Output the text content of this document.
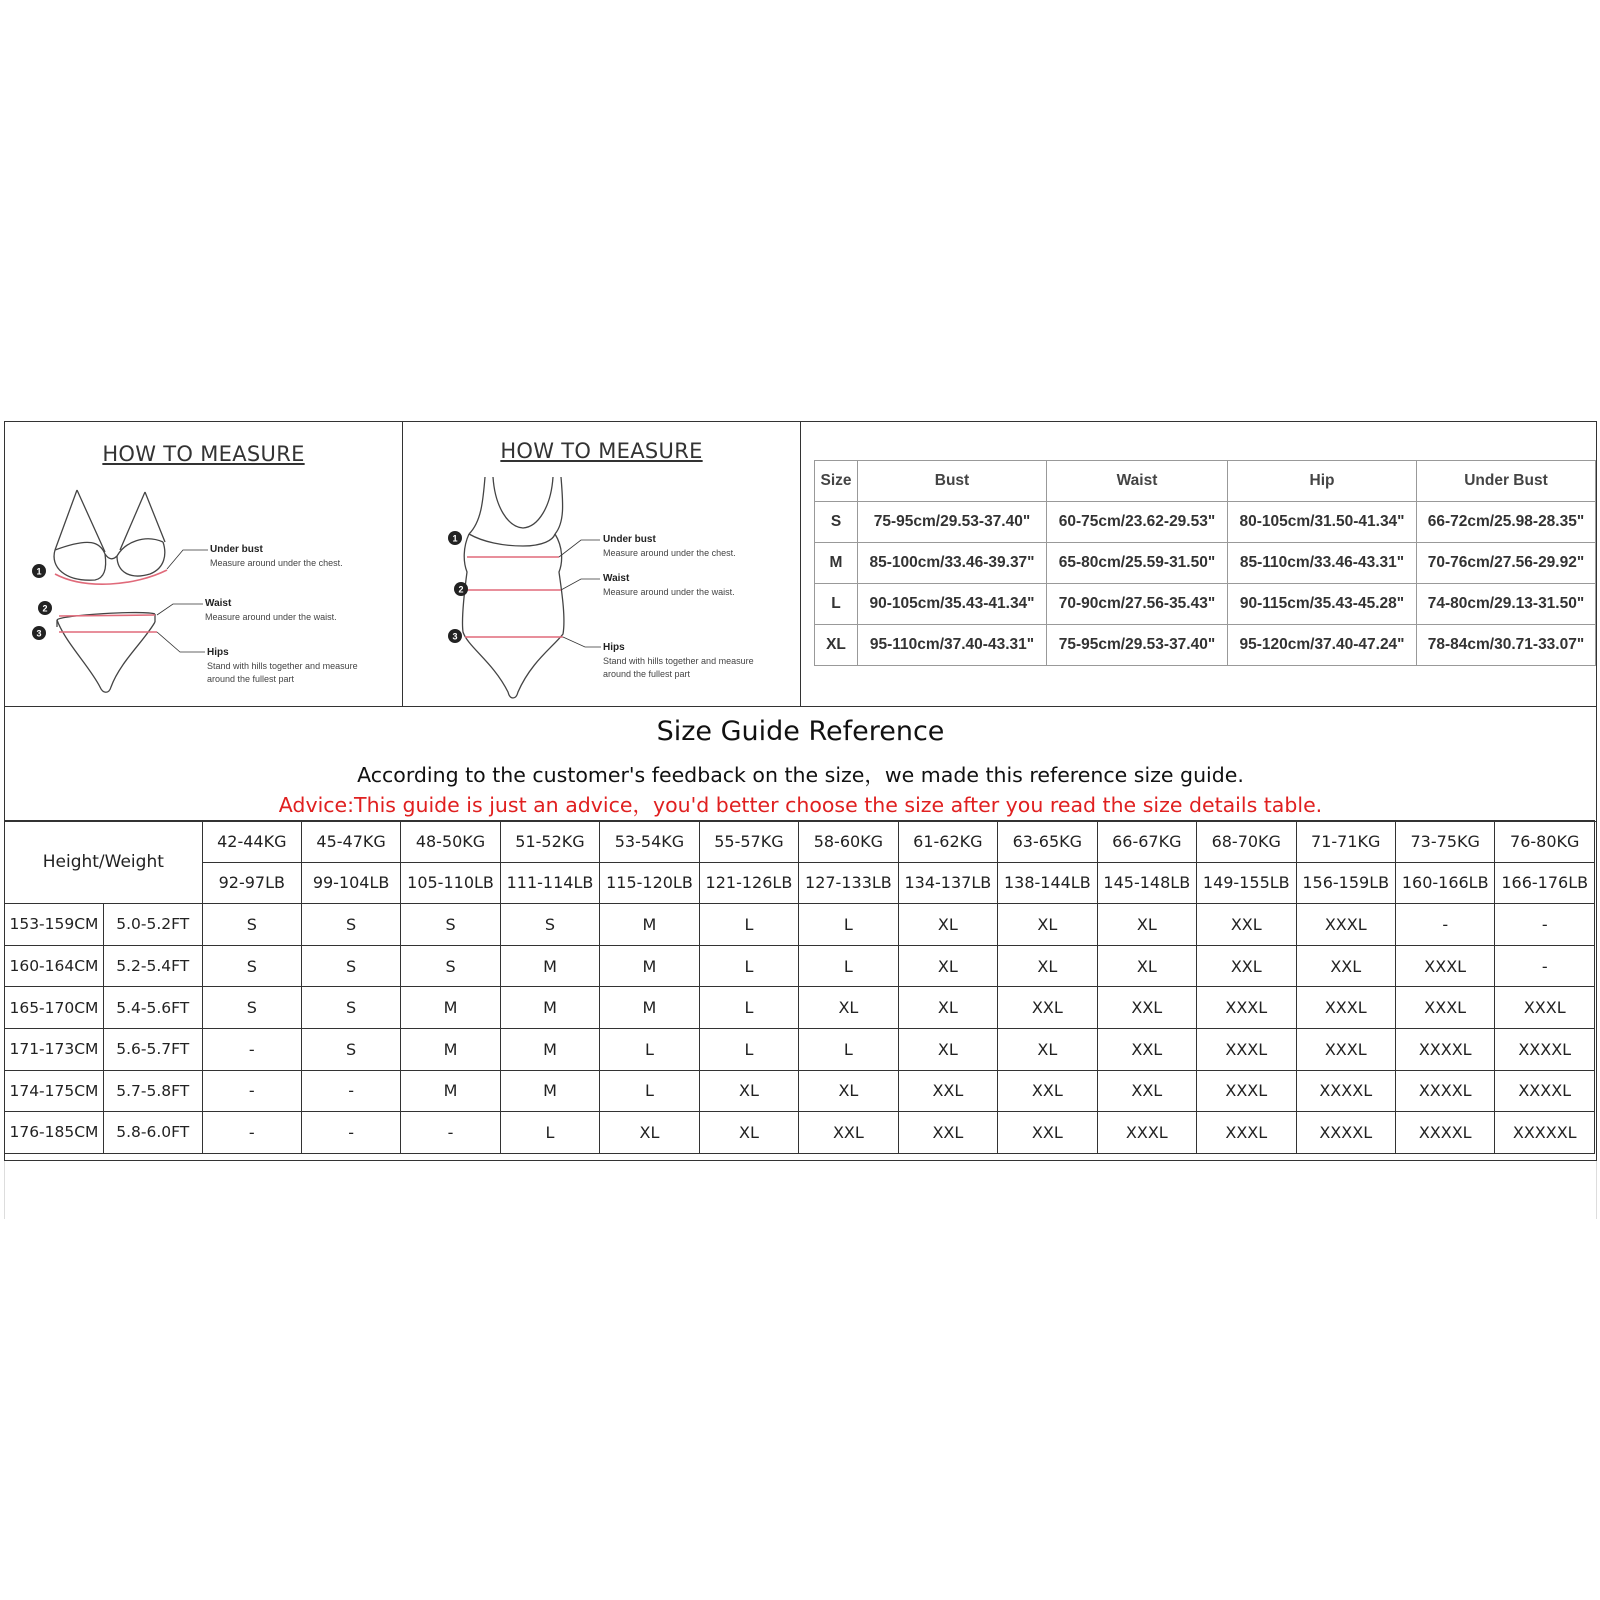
HOW TO MEASURE
1
2
3
Under bust
Measure around under the chest.
Waist
Measure around under the waist.
Hips
Stand with hills together and measure
around the fullest part
HOW TO MEASURE
1
2
3
Under bust
Measure around under the chest.
Waist
Measure around under the waist.
Hips
Stand with hills together and measure
around the fullest part
Size	Bust	Waist	Hip	Under Bust
S	75-95cm/29.53-37.40"	60-75cm/23.62-29.53"	80-105cm/31.50-41.34"	66-72cm/25.98-28.35"
M	85-100cm/33.46-39.37"	65-80cm/25.59-31.50"	85-110cm/33.46-43.31"	70-76cm/27.56-29.92"
L	90-105cm/35.43-41.34"	70-90cm/27.56-35.43"	90-115cm/35.43-45.28"	74-80cm/29.13-31.50"
XL	95-110cm/37.40-43.31"	75-95cm/29.53-37.40"	95-120cm/37.40-47.24"	78-84cm/30.71-33.07"
Size Guide Reference
According to the customer's feedback on the size，we made this reference size guide.
Advice:This guide is just an advice，you'd better choose the size after you read the size details table.
Height/Weight		42-44KG	45-47KG	48-50KG	51-52KG	53-54KG	55-57KG	58-60KG	61-62KG	63-65KG	66-67KG	68-70KG	71-71KG	73-75KG	76-80KG
		92-97LB	99-104LB	105-110LB	111-114LB	115-120LB	121-126LB	127-133LB	134-137LB	138-144LB	145-148LB	149-155LB	156-159LB	160-166LB	166-176LB
153-159CM	5.0-5.2FT	S	S	S	S	M	L	L	XL	XL	XL	XXL	XXXL	-	-
160-164CM	5.2-5.4FT	S	S	S	M	M	L	L	XL	XL	XL	XXL	XXL	XXXL	-
165-170CM	5.4-5.6FT	S	S	M	M	M	L	XL	XL	XXL	XXL	XXXL	XXXL	XXXL	XXXL
171-173CM	5.6-5.7FT	-	S	M	M	L	L	L	XL	XL	XXL	XXXL	XXXL	XXXXL	XXXXL
174-175CM	5.7-5.8FT	-	-	M	M	L	XL	XL	XXL	XXL	XXL	XXXL	XXXXL	XXXXL	XXXXL
176-185CM	5.8-6.0FT	-	-	-	L	XL	XL	XXL	XXL	XXL	XXXL	XXXL	XXXXL	XXXXL	XXXXXL
